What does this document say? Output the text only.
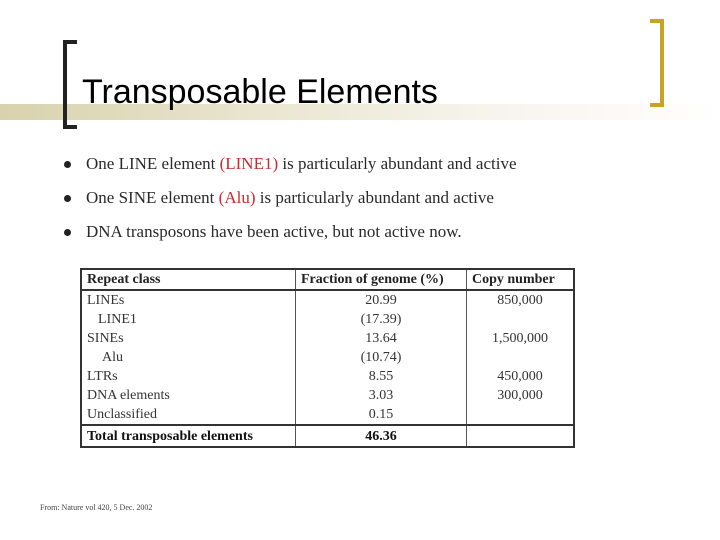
Transposable Elements
One LINE element (LINE1) is particularly abundant and active
One SINE element (Alu) is particularly abundant and active
DNA transposons have been active, but not active now.
Repeat class	Fraction of genome (%)	Copy number
LINEs	20.99	850,000
LINE1	(17.39)	
SINEs	13.64	1,500,000
Alu	(10.74)	
LTRs	8.55	450,000
DNA elements	3.03	300,000
Unclassified	0.15	
Total transposable elements	46.36	

From: Nature vol 420, 5 Dec. 2002
